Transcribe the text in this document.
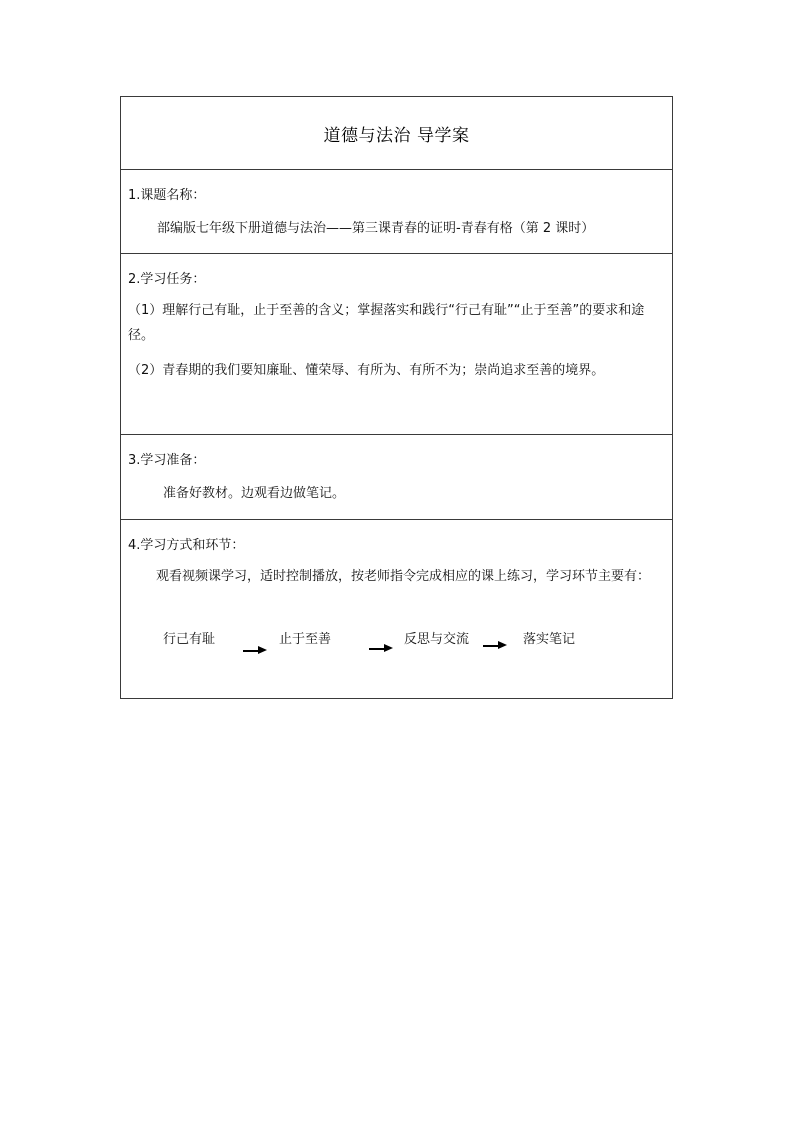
道德与法治 导学案
1.课题名称：
部编版七年级下册道德与法治——第三课青春的证明-青春有格（第 2 课时）
2.学习任务：
（1）理解行己有耻，止于至善的含义；掌握落实和践行“行己有耻”“止于至善”的要求和途径。
（2）青春期的我们要知廉耻、懂荣辱、有所为、有所不为；崇尚追求至善的境界。
3.学习准备：
准备好教材。边观看边做笔记。
4.学习方式和环节：
观看视频课学习，适时控制播放，按老师指令完成相应的课上练习，学习环节主要有：
行己有耻	止于至善	反思与交流	落实笔记
